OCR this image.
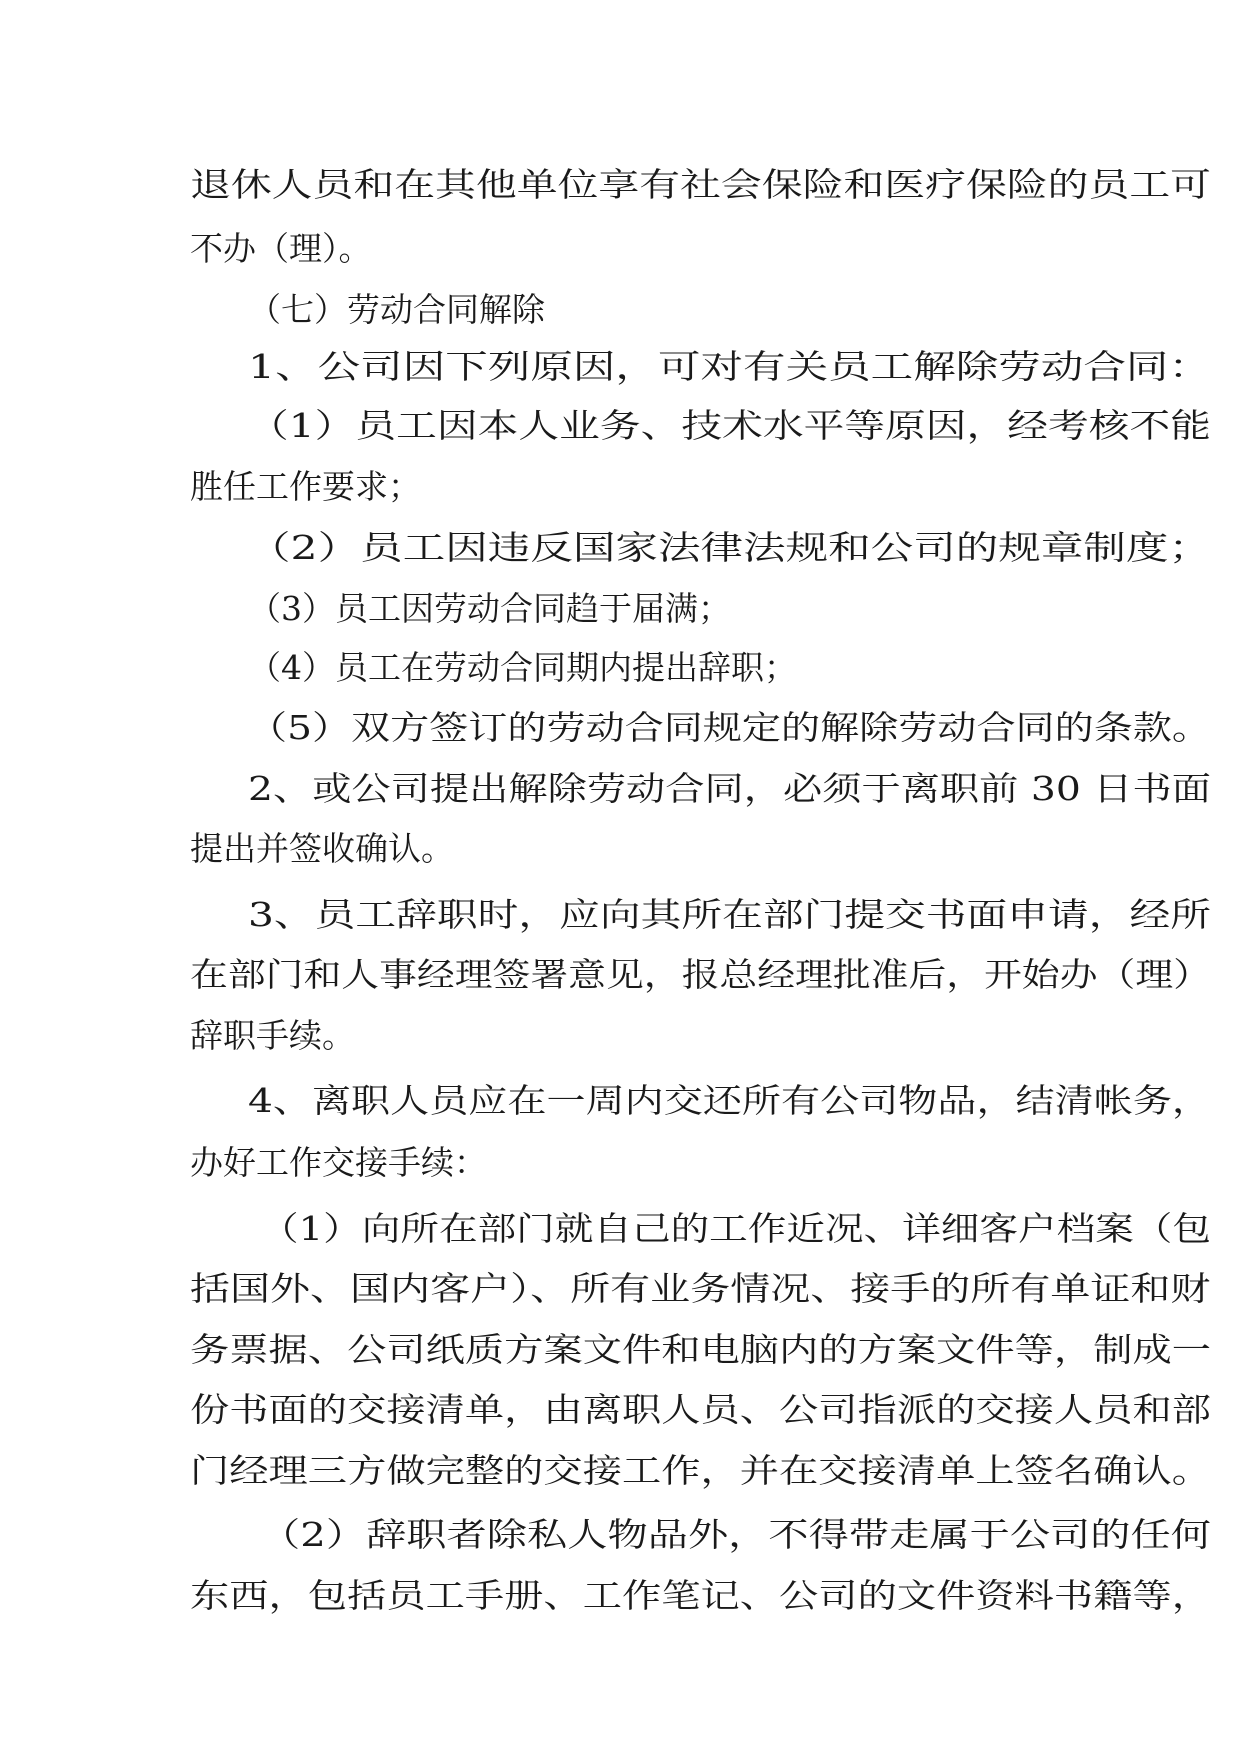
退休人员和在其他单位享有社会保险和医疗保险的员工可
不办（理）。
（七）劳动合同解除
1、公司因下列原因，可对有关员工解除劳动合同：
（1）员工因本人业务、技术水平等原因，经考核不能
胜任工作要求；
（2）员工因违反国家法律法规和公司的规章制度；
（3）员工因劳动合同趋于届满；
（4）员工在劳动合同期内提出辞职；
（5）双方签订的劳动合同规定的解除劳动合同的条款。
2、或公司提出解除劳动合同，必须于离职前 30 日书面
提出并签收确认。
3、员工辞职时，应向其所在部门提交书面申请，经所
在部门和人事经理签署意见，报总经理批准后，开始办（理）
辞职手续。
4、离职人员应在一周内交还所有公司物品，结清帐务，
办好工作交接手续：
（1）向所在部门就自己的工作近况、详细客户档案（包
括国外、国内客户）、所有业务情况、接手的所有单证和财
务票据、公司纸质方案文件和电脑内的方案文件等，制成一
份书面的交接清单，由离职人员、公司指派的交接人员和部
门经理三方做完整的交接工作，并在交接清单上签名确认。
（2）辞职者除私人物品外，不得带走属于公司的任何
东西，包括员工手册、工作笔记、公司的文件资料书籍等，
